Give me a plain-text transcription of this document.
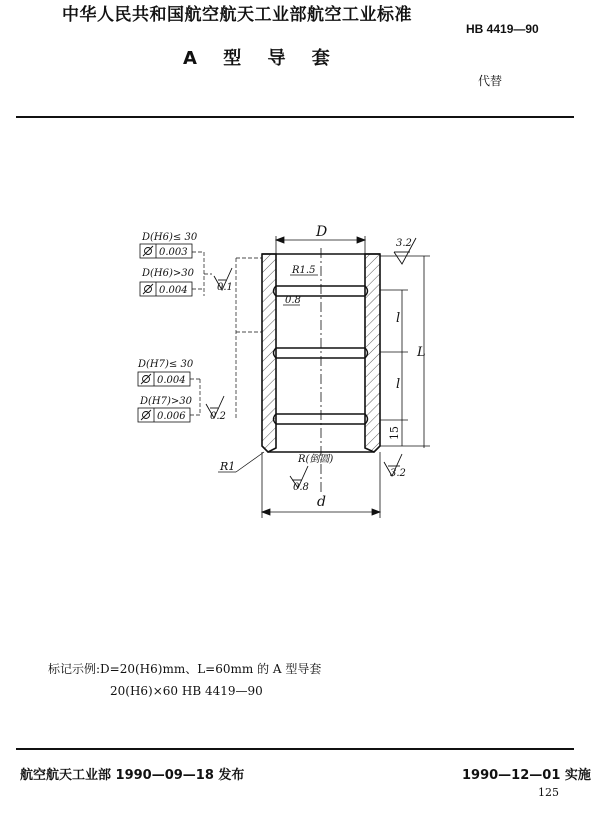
中华人民共和国航空航天工业部航空工业标准
HB 4419—90
A 型 导 套
代替
D
d
l
l
L
15
R1.5
0.8
3.2
0.1
0.2
0.8
3.2
R1
R(倒圆)
D(H6)≤ 30
0.003
D(H6)>30
0.004
D(H7)≤ 30
0.004
D(H7)>30
0.006
标记示例:D=20(H6)mm、L=60mm 的 A 型导套
20(H6)×60 HB 4419—90
航空航天工业部 1990—09—18 发布	1990—12—01 实施
125
